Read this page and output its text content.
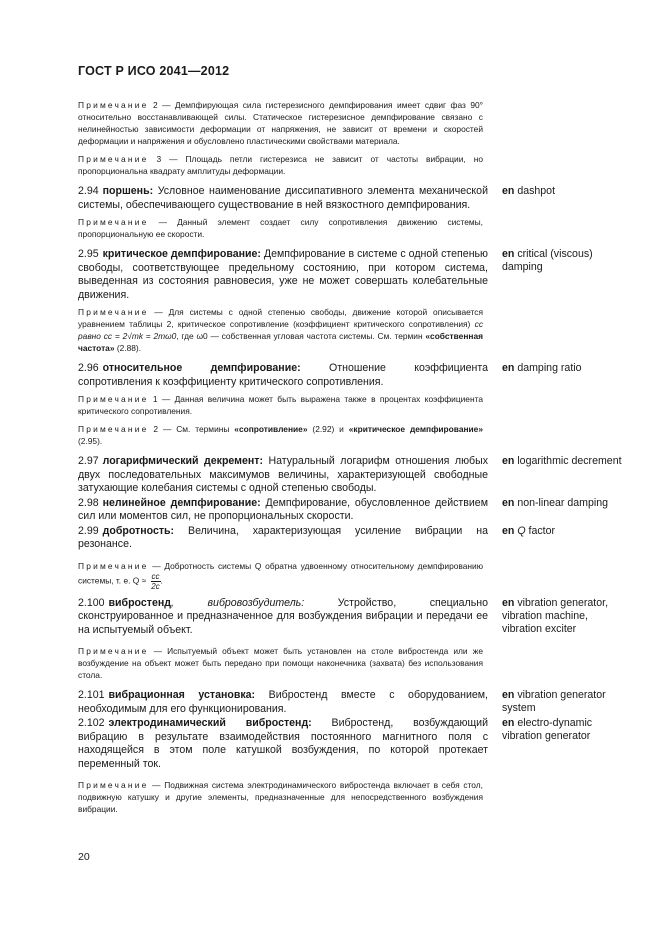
ГОСТ Р ИСО 2041—2012
Примечание 2 — Демпфирующая сила гистерезисного демпфирования имеет сдвиг фаз 90° относительно восстанавливающей силы. Статическое гистерезисное демпфирование связано с нелинейностью зависимости деформации от напряжения, не зависит от времени и скоростей деформации и напряжения и обусловлено пластическими свойствами материала.
Примечание 3 — Площадь петли гистерезиса не зависит от частоты вибрации, но пропорциональна квадрату амплитуды деформации.
2.94 поршень: Условное наименование диссипативного элемента механической системы, обеспечивающего существование в ней вязкостного демпфирования.
en dashpot
Примечание — Данный элемент создает силу сопротивления движению системы, пропорциональную ее скорости.
2.95 критическое демпфирование: Демпфирование в системе с одной степенью свободы, соответствующее предельному состоянию, при котором система, выведенная из состояния равновесия, уже не может совершать колебательные движения.
en critical (viscous) damping
Примечание — Для системы с одной степенью свободы, движение которой описывается уравнением таблицы 2, критическое сопротивление (коэффициент критического сопротивления) cc равно cc = 2√mk = 2mω0, где ω0 — собственная угловая частота системы. См. термин «собственная частота» (2.88).
2.96 относительное демпфирование: Отношение коэффициента сопротивления к коэффициенту критического сопротивления.
en damping ratio
Примечание 1 — Данная величина может быть выражена также в процентах коэффициента критического сопротивления.
Примечание 2 — См. термины «сопротивление» (2.92) и «критическое демпфирование» (2.95).
2.97 логарифмический декремент: Натуральный логарифм отношения любых двух последовательных максимумов величины, характеризующей свободные затухающие колебания системы с одной степенью свободы.
en logarithmic decrement
2.98 нелинейное демпфирование: Демпфирование, обусловленное действием сил или моментов сил, не пропорциональных скорости.
en non-linear damping
2.99 добротность: Величина, характеризующая усиление вибрации на резонансе.
en Q factor
Примечание — Добротность системы Q обратна удвоенному относительному демпфированию системы, т. е. $Q \approx \frac{cc}{2c}$ .
2.100 вибростенд, вибровозбудитель: Устройство, специально сконструированное и предназначенное для возбуждения вибрации и передачи ее на испытуемый объект.
en vibration generator, vibration machine, vibration exciter
Примечание — Испытуемый объект может быть установлен на столе вибростенда или же возбуждение на объект может быть передано при помощи наконечника (захвата) без использования стола.
2.101 вибрационная установка: Вибростенд вместе с оборудованием, необходимым для его функционирования.
en vibration generator system
2.102 электродинамический вибростенд: Вибростенд, возбуждающий вибрацию в результате взаимодействия постоянного магнитного поля с находящейся в этом поле катушкой возбуждения, по которой протекает переменный ток.
en electro-dynamic vibration generator
Примечание — Подвижная система электродинамического вибростенда включает в себя стол, подвижную катушку и другие элементы, предназначенные для непосредственного возбуждения вибрации.
20
